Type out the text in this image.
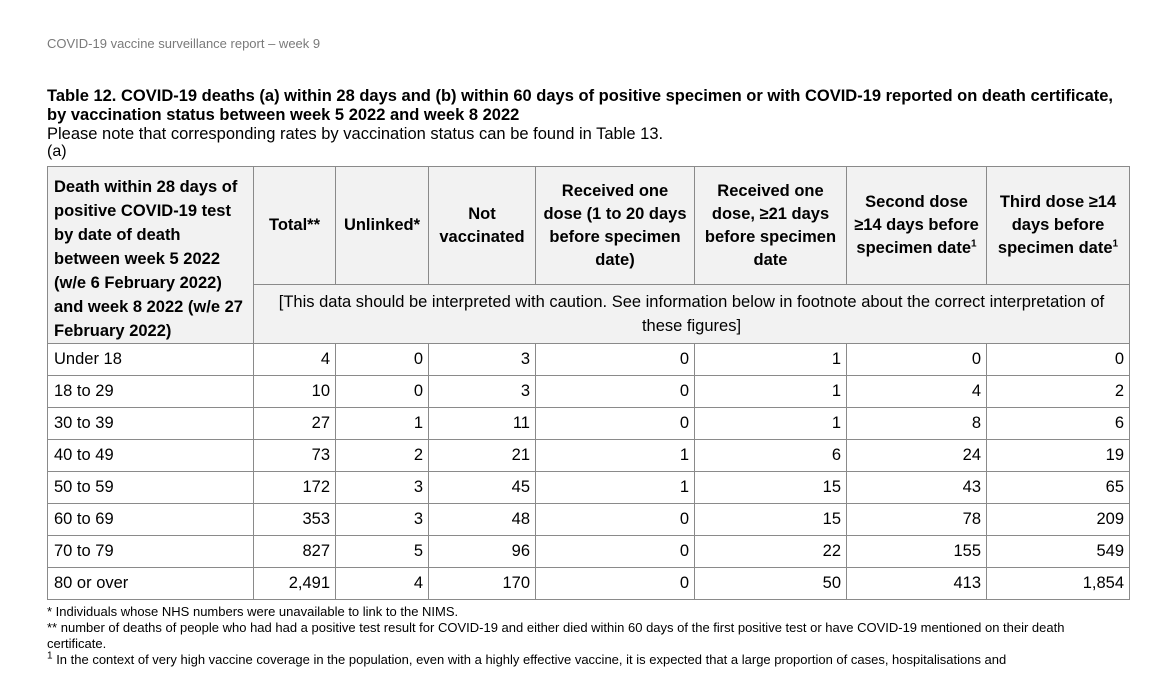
COVID-19 vaccine surveillance report – week 9
Table 12. COVID-19 deaths (a) within 28 days and (b) within 60 days of positive specimen or with COVID-19 reported on death certificate, by vaccination status between week 5 2022 and week 8 2022
Please note that corresponding rates by vaccination status can be found in Table 13.
(a)
Death within 28 days of positive COVID-19 test by date of death between week 5 2022 (w/e 6 February 2022) and week 8 2022 (w/e 27 February 2022)	Total**	Unlinked*	Not vaccinated	Received one dose (1 to 20 days before specimen date)	Received one dose, ≥21 days before specimen date	Second dose ≥14 days before specimen date$^1$	Third dose ≥14 days before specimen date$^1$
	[This data should be interpreted with caution. See information below in footnote about the correct interpretation of these figures]						
Under 18	4	0	3	0	1	0	0
18 to 29	10	0	3	0	1	4	2
30 to 39	27	1	11	0	1	8	6
40 to 49	73	2	21	1	6	24	19
50 to 59	172	3	45	1	15	43	65
60 to 69	353	3	48	0	15	78	209
70 to 79	827	5	96	0	22	155	549
80 or over	2,491	4	170	0	50	413	1,854

* Individuals whose NHS numbers were unavailable to link to the NIMS.

** number of deaths of people who had had a positive test result for COVID-19 and either died within 60 days of the first positive test or have COVID-19 mentioned on their death certificate.

$^1$ In the context of very high vaccine coverage in the population, even with a highly effective vaccine, it is expected that a large proportion of cases, hospitalisations and
